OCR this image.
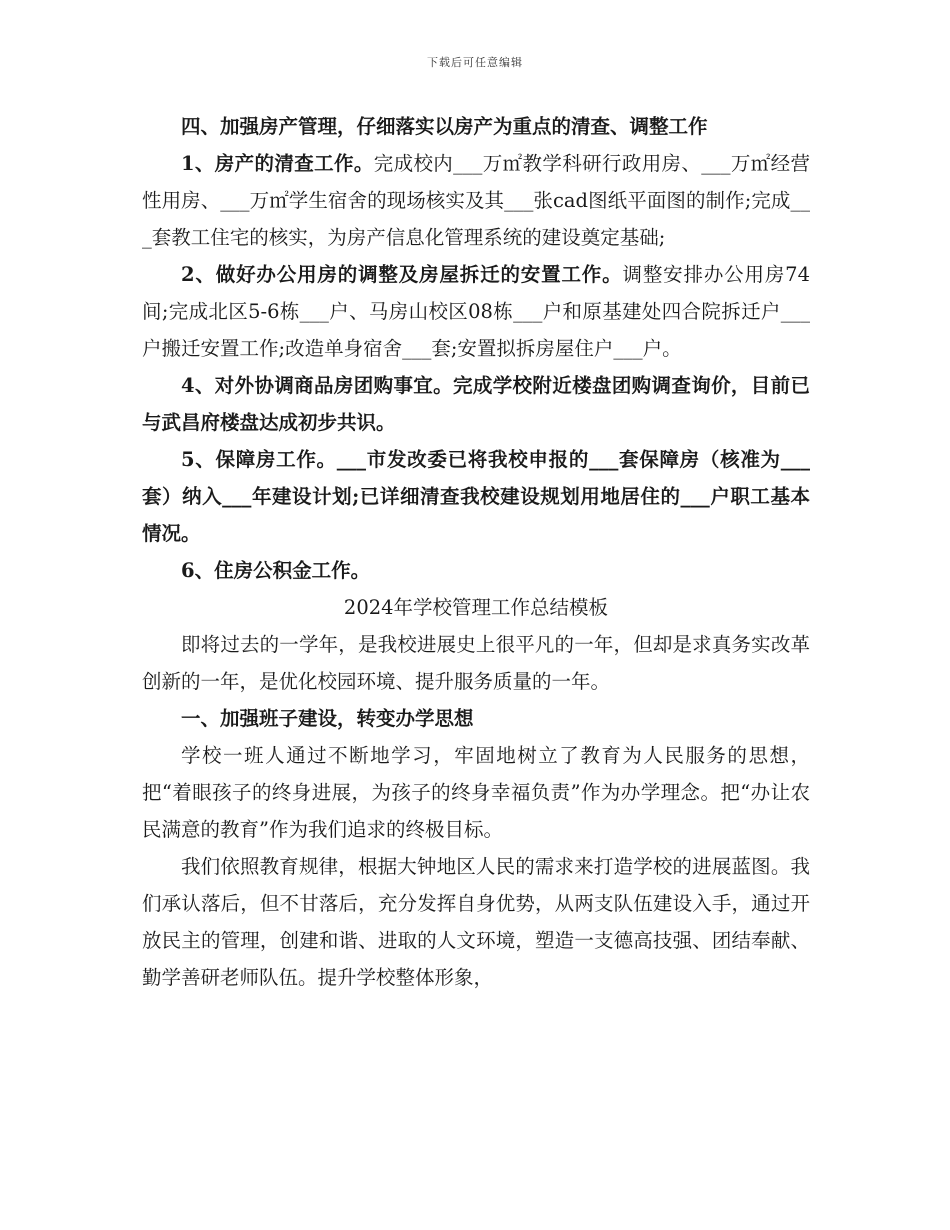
下载后可任意编辑

四、加强房产管理，仔细落实以房产为重点的清查、调整工作

1、房产的清查工作。完成校内___万㎡教学科研行政用房、___万㎡经营性用房、___万㎡学生宿舍的现场核实及其___张cad图纸平面图的制作;完成___套教工住宅的核实，为房产信息化管理系统的建设奠定基础;

2、做好办公用房的调整及房屋拆迁的安置工作。调整安排办公用房74间;完成北区5-6栋___户、马房山校区08栋___户和原基建处四合院拆迁户___户搬迁安置工作;改造单身宿舍___套;安置拟拆房屋住户___户。

4、对外协调商品房团购事宜。完成学校附近楼盘团购调查询价，目前已与武昌府楼盘达成初步共识。

5、保障房工作。___市发改委已将我校申报的___套保障房（核准为___套）纳入___年建设计划;已详细清查我校建设规划用地居住的___户职工基本情况。

6、住房公积金工作。

2024年学校管理工作总结模板

即将过去的一学年，是我校进展史上很平凡的一年，但却是求真务实改革创新的一年，是优化校园环境、提升服务质量的一年。

一、加强班子建设，转变办学思想

学校一班人通过不断地学习，牢固地树立了教育为人民服务的思想，把“着眼孩子的终身进展，为孩子的终身幸福负责”作为办学理念。把“办让农民满意的教育”作为我们追求的终极目标。

我们依照教育规律，根据大钟地区人民的需求来打造学校的进展蓝图。我们承认落后，但不甘落后，充分发挥自身优势，从两支队伍建设入手，通过开放民主的管理，创建和谐、进取的人文环境，塑造一支德高技强、团结奉献、勤学善研老师队伍。提升学校整体形象，
